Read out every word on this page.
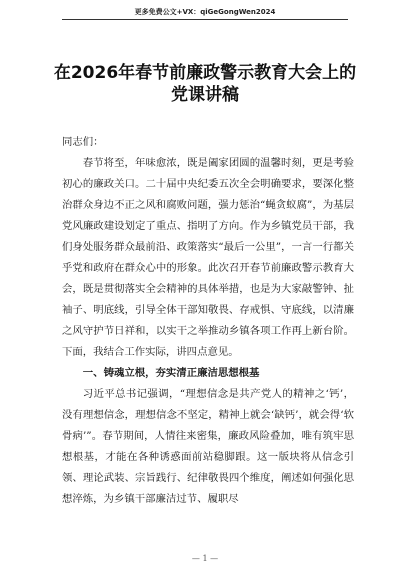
更多免费公文+VX：qiGeGongWen2024
在2026年春节前廉政警示教育大会上的
党课讲稿

同志们：

春节将至，年味愈浓，既是阖家团圆的温馨时刻，更是考验初心的廉政关口。二十届中央纪委五次全会明确要求，要深化整治群众身边不正之风和腐败问题，强力惩治“蝇贪蚁腐”，为基层党风廉政建设划定了重点、指明了方向。作为乡镇党员干部，我们身处服务群众最前沿、政策落实“最后一公里”，一言一行都关乎党和政府在群众心中的形象。此次召开春节前廉政警示教育大会，既是贯彻落实全会精神的具体举措，也是为大家敲警钟、扯袖子、明底线，引导全体干部知敬畏、存戒惧、守底线，以清廉之风守护节日祥和，以实干之举推动乡镇各项工作再上新台阶。下面，我结合工作实际，讲四点意见。

一、铸魂立根，夯实清正廉洁思想根基

习近平总书记强调，“理想信念是共产党人的精神之‘钙’，没有理想信念，理想信念不坚定，精神上就会‘缺钙’，就会得‘软骨病’”。春节期间，人情往来密集，廉政风险叠加，唯有筑牢思想根基，才能在各种诱惑面前站稳脚跟。这一版块将从信念引领、理论武装、宗旨践行、纪律敬畏四个维度，阐述如何强化思想淬炼，为乡镇干部廉洁过节、履职尽

— 1 —
